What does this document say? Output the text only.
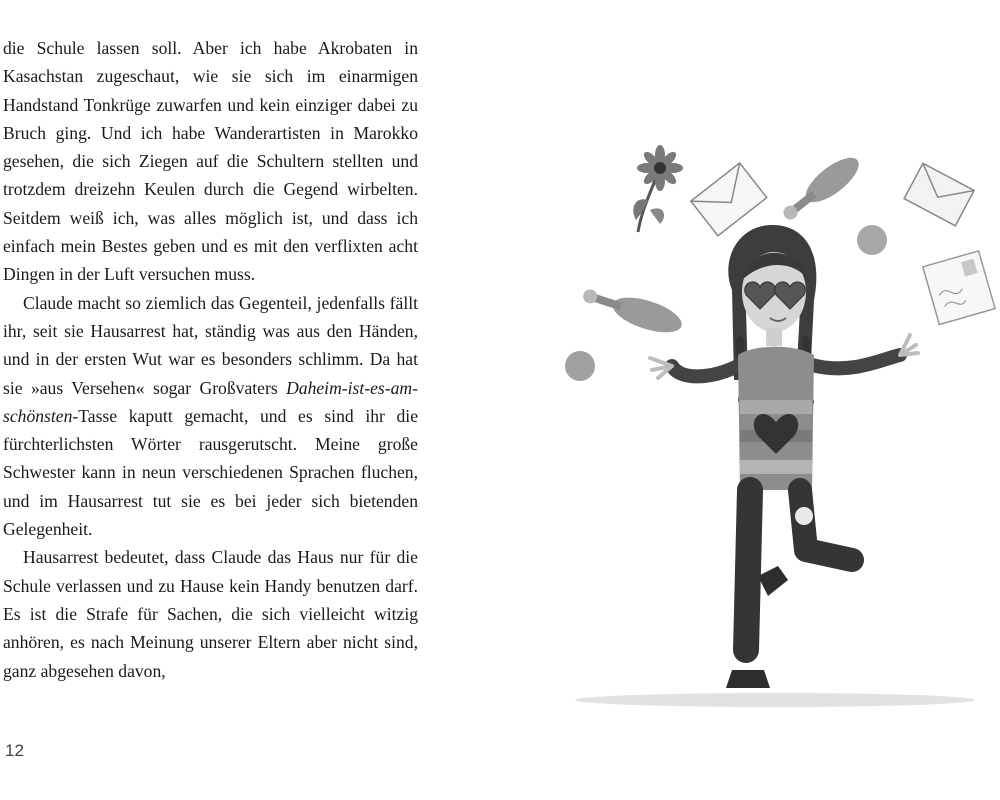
die Schule lassen soll. Aber ich habe Akrobaten in Kasachstan zugeschaut, wie sie sich im einarmigen Handstand Tonkrüge zuwarfen und kein einziger dabei zu Bruch ging. Und ich habe Wanderartisten in Marokko gesehen, die sich Ziegen auf die Schultern stellten und trotzdem dreizehn Keulen durch die Gegend wirbelten. Seitdem weiß ich, was alles möglich ist, und dass ich einfach mein Bestes geben und es mit den verflixten acht Dingen in der Luft versuchen muss.

Claude macht so ziemlich das Gegenteil, jedenfalls fällt ihr, seit sie Hausarrest hat, ständig was aus den Händen, und in der ersten Wut war es besonders schlimm. Da hat sie »aus Versehen« sogar Großvaters Daheim-ist-es-am-schönsten-Tasse kaputt gemacht, und es sind ihr die fürchterlichsten Wörter rausgerutscht. Meine große Schwester kann in neun verschiedenen Sprachen fluchen, und im Hausarrest tut sie es bei jeder sich bietenden Gelegenheit.

Hausarrest bedeutet, dass Claude das Haus nur für die Schule verlassen und zu Hause kein Handy benutzen darf. Es ist die Strafe für Sachen, die sich vielleicht witzig anhören, es nach Meinung unserer Eltern aber nicht sind, ganz abgesehen davon,

12
